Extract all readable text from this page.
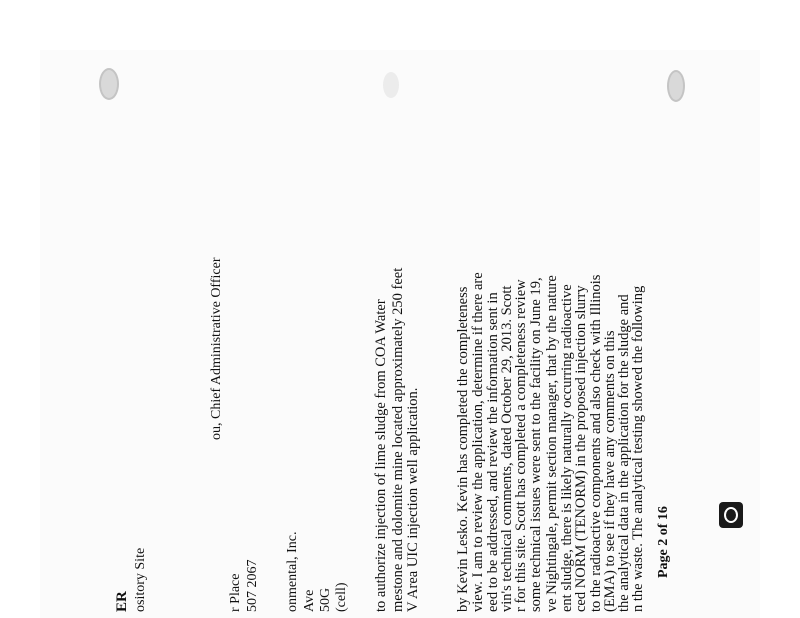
ER ository Site
ou, Chief Administrative Officer
r Place 507 2067 onmental, Inc. Ave 50G (cell) to authorize injection of lime sludge from COA Water mestone and dolomite mine located approximately 250 feet V Area UIC injection well application. by Kevin Lesko. Kevin has completed the completeness view. I am to review the application, determine if there are eed to be addressed, and review the information sent in
vin's technical comments, dated October 29, 2013. Scott
r for this site. Scott has completed a completeness review some technical issues were sent to the facility on June 19, ve Nightingale, permit section manager, that by the nature ent sludge, there is likely naturally occurring radioactive
ced NORM (TENORM) in the proposed injection slurry to the radioactive components and also check with Illinois
(EMA) to see if they have any comments on this
the analytical data in the application for the sludge and
n the waste. The analytical testing showed the following Page 2 of 16
